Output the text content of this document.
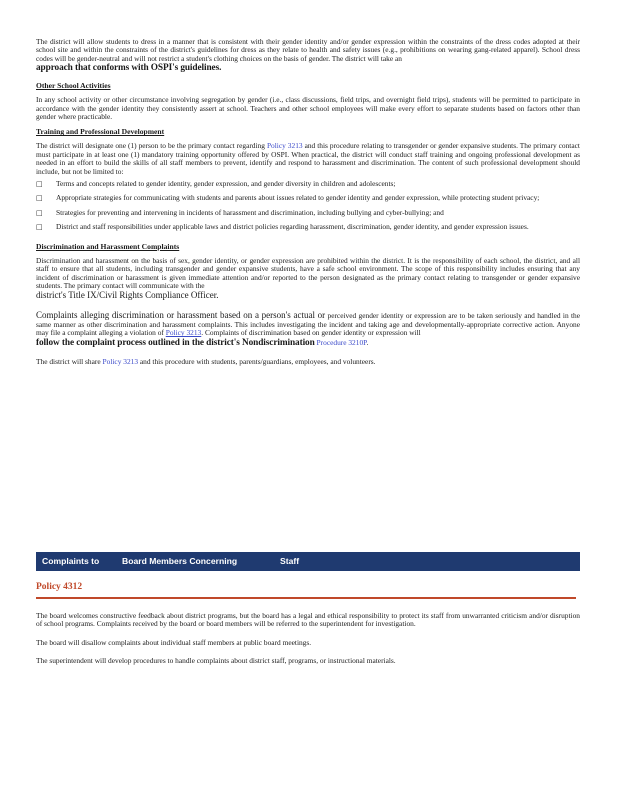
The district will allow students to dress in a manner that is consistent with their gender identity and/or gender expression within the constraints of the dress codes adopted at their school site and within the constraints of the district's guidelines for dress as they relate to health and safety issues (e.g., prohibitions on wearing gang-related apparel). School dress codes will be gender-neutral and will not restrict a student's clothing choices on the basis of gender. The district will take an

approach that conforms with OSPI's guidelines.

Other School Activities

In any school activity or other circumstance involving segregation by gender (i.e., class discussions, field trips, and overnight field trips), students will be permitted to participate in accordance with the gender identity they consistently assert at school. Teachers and other school employees will make every effort to separate students based on factors other than gender where practicable.

Training and Professional Development

The district will designate one (1) person to be the primary contact regarding Policy 3213 and this procedure relating to transgender or gender expansive students. The primary contact must participate in at least one (1) mandatory training opportunity offered by OSPI. When practical, the district will conduct staff training and ongoing professional development as needed in an effort to build the skills of all staff members to prevent, identify and respond to harassment and discrimination. The content of such professional development should include, but not be limited to:

□ Terms and concepts related to gender identity, gender expression, and gender diversity in children and adolescents;
□ Appropriate strategies for communicating with students and parents about issues related to gender identity and gender expression, while protecting student privacy;
□ Strategies for preventing and intervening in incidents of harassment and discrimination, including bullying and cyber-bullying; and
□ District and staff responsibilities under applicable laws and district policies regarding harassment, discrimination, gender identity, and gender expression issues.

Discrimination and Harassment Complaints

Discrimination and harassment on the basis of sex, gender identity, or gender expression are prohibited within the district. It is the responsibility of each school, the district, and all staff to ensure that all students, including transgender and gender expansive students, have a safe school environment. The scope of this responsibility includes ensuring that any incident of discrimination or harassment is given immediate attention and/or reported to the person designated as the primary contact relating to transgender or gender expansive students. The primary contact will communicate with the

district's Title IX/Civil Rights Compliance Officer.

Complaints alleging discrimination or harassment based on a person's actual or perceived gender identity or expression are to be taken seriously and handled in the same manner as other discrimination and harassment complaints. This includes investigating the incident and taking age and developmentally-appropriate corrective action. Anyone may file a complaint alleging a violation of Policy 3213. Complaints of discrimination based on gender identity or expression will

follow the complaint process outlined in the district's Nondiscrimination Procedure 3210P.

The district will share Policy 3213 and this procedure with students, parents/guardians, employees, and volunteers.

Complaints to	Board Members Concerning	Staff
Policy 4312

The board welcomes constructive feedback about district programs, but the board has a legal and ethical responsibility to protect its staff from unwarranted criticism and/or disruption of school programs. Complaints received by the board or board members will be referred to the superintendent for investigation.

The board will disallow complaints about individual staff members at public board meetings.

The superintendent will develop procedures to handle complaints about district staff, programs, or instructional materials.
